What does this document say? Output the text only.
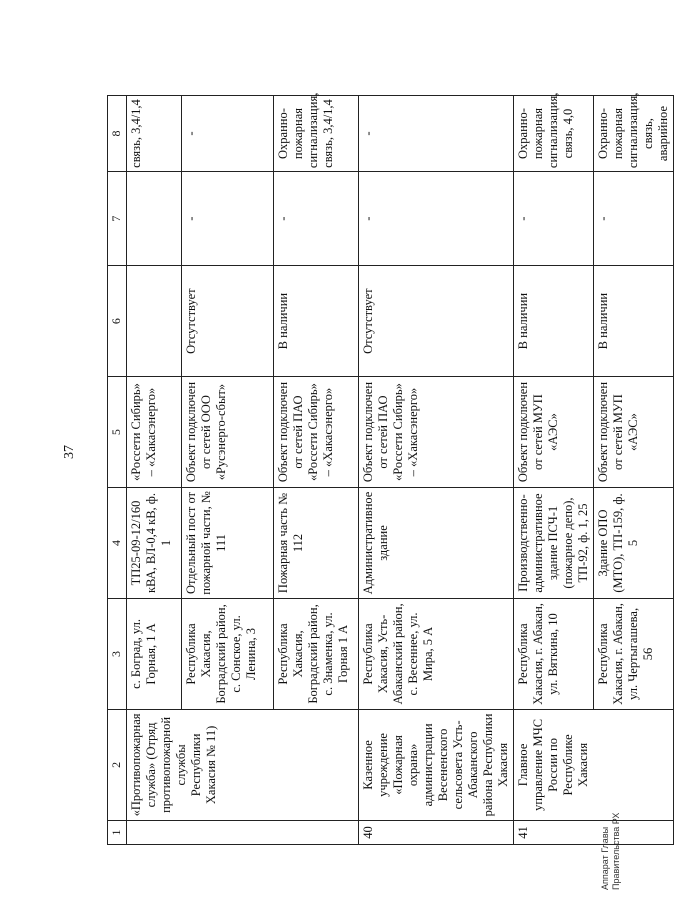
37
Аппарат Главы Правительства РХ
1	2	3	4	5	6	7	8
	«Противопожарная служба» (Отряд противопожарной службы Республики Хакасия № 11)	с. Боград, ул. Горная, 1 А	ТП25-09-12/160 кВА, ВЛ-0,4 кВ, ф. 1	«Россети Сибирь» – «Хакасэнерго»			связь, 3,4/1,4
		Республика Хакасия, Боградский район, с. Сонское, ул. Ленина, 3	Отдельный пост от пожарной части, № 111	Объект подключен от сетей ООО «Русэнерго-сбыт»	Отсутствует	-	-
		Республика Хакасия, Боградский район, с. Знаменка, ул. Горная 1 А	Пожарная часть № 112	Объект подключен от сетей ПАО «Россети Сибирь» – «Хакасэнерго»	В наличии	-	Охранно-пожарная сигнализация, связь, 3,4/1,4
40	Казенное учреждение «Пожарная охрана» администрации Весененского сельсовета Усть-Абаканского района Республики Хакасия	Республика Хакасия, Усть-Абаканский район, с. Весеннее, ул. Мира, 5 А	Административное здание	Объект подключен от сетей ПАО «Россети Сибирь» – «Хакасэнерго»	Отсутствует	-	-
41	Главное управление МЧС России по Республике Хакасия	Республика Хакасия, г. Абакан, ул. Вяткина, 10	Производственно-административное здание ПСЧ-1 (пожарное депо), ТП-92, ф. 1, 25	Объект подключен от сетей МУП «АЭС»	В наличии	-	Охранно-пожарная сигнализация, связь, 4,0
		Республика Хакасия, г. Абакан, ул. Чертыгашева, 56	Здание ОПО (МТО), ТП-159, ф. 5	Объект подключен от сетей МУП «АЭС»	В наличии	-	Охранно-пожарная сигнализация, связь, аварийное
